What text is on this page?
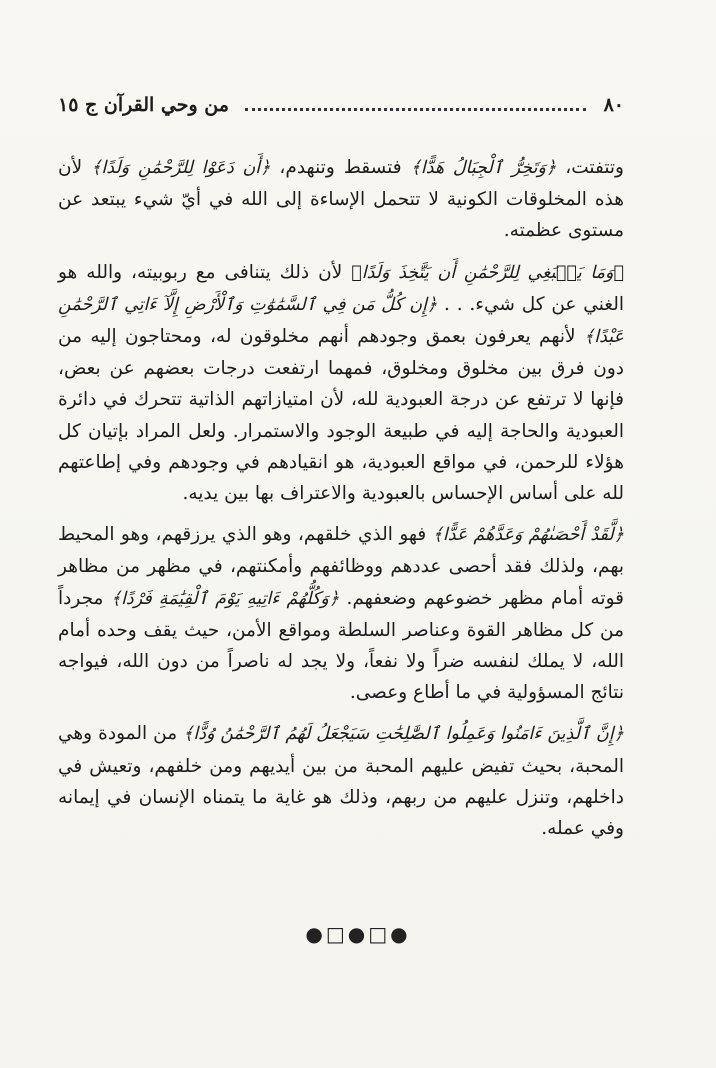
٨٠
من وحي القرآن ج ١٥

وتتفتت، ﴿وَتَخِرُّ ٱلْجِبَالُ هَدًّا﴾ فتسقط وتنهدم، ﴿أَن دَعَوْا لِلرَّحْمَٰنِ وَلَدًا﴾ لأن هذه المخلوقات الكونية لا تتحمل الإساءة إلى الله في أيّ شيء يبتعد عن مستوى عظمته.

﴿وَمَا يَنۢبَغِي لِلرَّحْمَٰنِ أَن يَتَّخِذَ وَلَدًا﴾ لأن ذلك يتنافى مع ربوبيته، والله هو الغني عن كل شيء. . . ﴿إِن كُلُّ مَن فِي ٱلسَّمَٰوَٰتِ وَٱلْأَرْضِ إِلَّآ ءَاتِي ٱلرَّحْمَٰنِ عَبْدًا﴾ لأنهم يعرفون بعمق وجودهم أنهم مخلوقون له، ومحتاجون إليه من دون فرق بين مخلوق ومخلوق، فمهما ارتفعت درجات بعضهم عن بعض، فإنها لا ترتفع عن درجة العبودية لله، لأن امتيازاتهم الذاتية تتحرك في دائرة العبودية والحاجة إليه في طبيعة الوجود والاستمرار. ولعل المراد بإتيان كل هؤلاء للرحمن، في مواقع العبودية، هو انقيادهم في وجودهم وفي إطاعتهم لله على أساس الإحساس بالعبودية والاعتراف بها بين يديه.

﴿لَّقَدْ أَحْصَىٰهُمْ وَعَدَّهُمْ عَدًّا﴾ فهو الذي خلقهم، وهو الذي يرزقهم، وهو المحيط بهم، ولذلك فقد أحصى عددهم ووظائفهم وأمكنتهم، في مظهر من مظاهر قوته أمام مظهر خضوعهم وضعفهم. ﴿وَكُلُّهُمْ ءَاتِيهِ يَوْمَ ٱلْقِيَٰمَةِ فَرْدًا﴾ مجرداً من كل مظاهر القوة وعناصر السلطة ومواقع الأمن، حيث يقف وحده أمام الله، لا يملك لنفسه ضراً ولا نفعاً، ولا يجد له ناصراً من دون الله، فيواجه نتائج المسؤولية في ما أطاع وعصى.

﴿إِنَّ ٱلَّذِينَ ءَامَنُوا وَعَمِلُوا ٱلصَّٰلِحَٰتِ سَيَجْعَلُ لَهُمُ ٱلرَّحْمَٰنُ وُدًّا﴾ من المودة وهي المحبة، بحيث تفيض عليهم المحبة من بين أيديهم ومن خلفهم، وتعيش في داخلهم، وتنزل عليهم من ربهم، وذلك هو غاية ما يتمناه الإنسان في إيمانه وفي عمله.

●□●□●
